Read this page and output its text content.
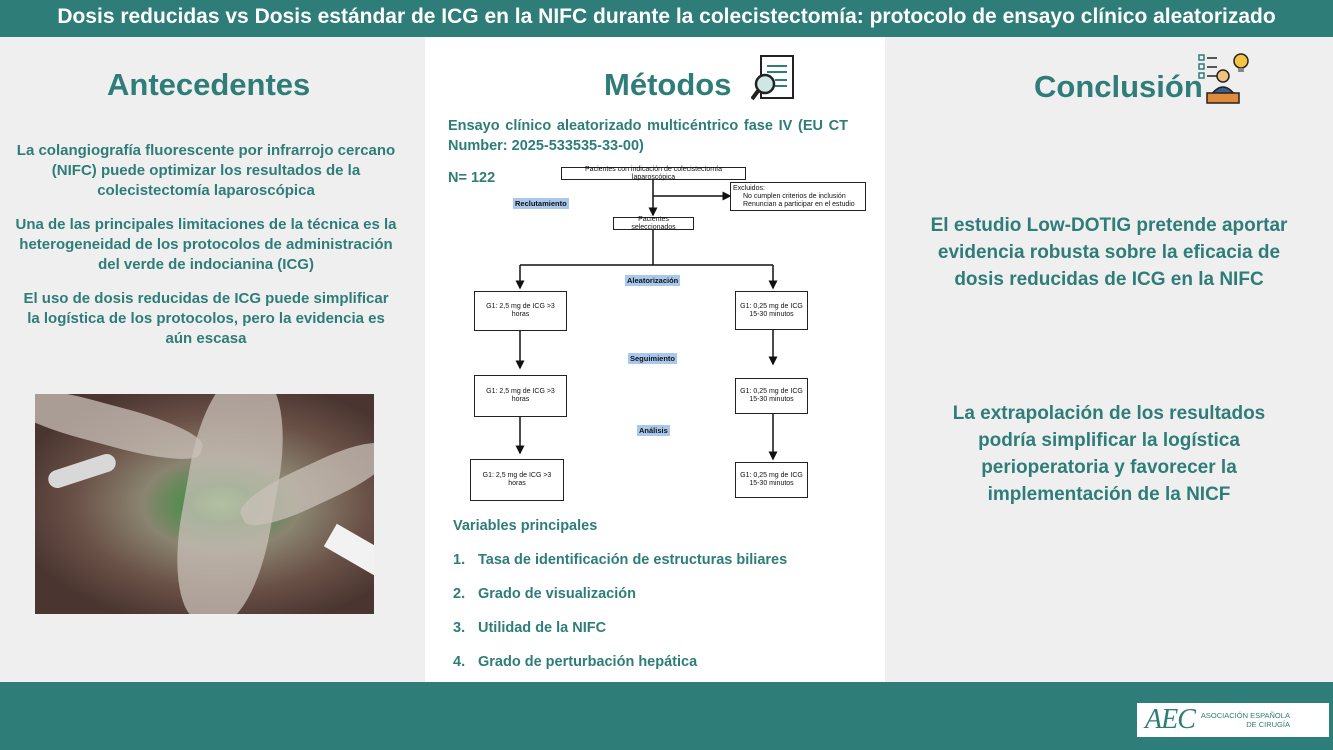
Dosis reducidas vs Dosis estándar de ICG en la NIFC durante la colecistectomía: protocolo de ensayo clínico aleatorizado
Antecedentes
La colangiografía fluorescente por infrarrojo cercano (NIFC) puede optimizar los resultados de la colecistectomía laparoscópica
Una de las principales limitaciones de la técnica es la heterogeneidad de los protocolos de administración del verde de indocianina (ICG)
El uso de dosis reducidas de ICG puede simplificar la logística de los protocolos, pero la evidencia es aún escasa
Métodos
Ensayo clínico aleatorizado multicéntrico fase IV (EU CT Number: 2025-533535-33-00)
N= 122
Pacientes con indicación de colecistectomía laparoscópica
Excluidos:
No cumplen criterios de inclusión
Renuncian a participar en el estudio
Reclutamiento
Pacientes seleccionados
Aleatorización
G1: 2,5 mg de ICG >3 horas
G1: 0,25 mg de ICG 15-30 minutos
Seguimiento
G1: 2,5 mg de ICG >3 horas
G1: 0,25 mg de ICG 15-30 minutos
Análisis
G1: 2,5 mg de ICG >3 horas
G1: 0,25 mg de ICG 15-30 minutos
Variables principales
1. Tasa de identificación de estructuras biliares
2. Grado de visualización
3. Utilidad de la NIFC
4. Grado de perturbación hepática
Conclusión
El estudio Low-DOTIG pretende aportar evidencia robusta sobre la eficacia de dosis reducidas de ICG en la NIFC
La extrapolación de los resultados podría simplificar la logística perioperatoria y favorecer la implementación de la NICF
AEC ASOCIACIÓN ESPAÑOLA
DE CIRUGÍA
